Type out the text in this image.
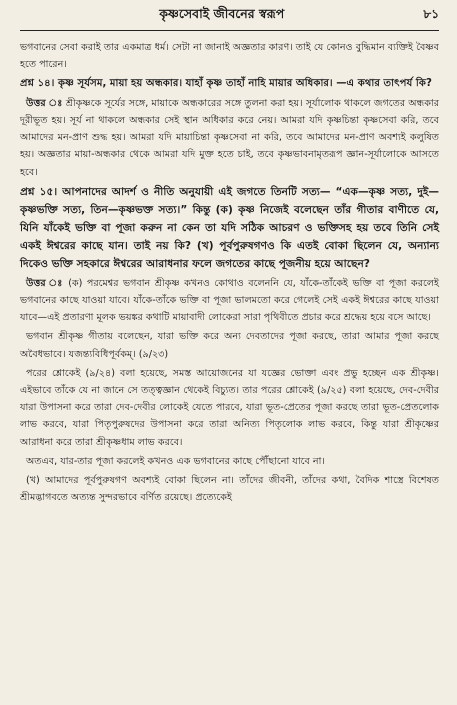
কৃষ্ণসেবাই জীবনের স্বরূপ	৮১

ভগবানের সেবা করাই তার একমাত্র ধর্ম। সেটা না জানাই অজ্ঞতার কারণ। তাই যে কোনও বুদ্ধিমান ব্যক্তিই বৈষ্ণব হতে পারেন।

প্রশ্ন ১৪। কৃষ্ণ সূর্যসম, মায়া হয় অন্ধকার। যাহাঁ কৃষ্ণ তাহাঁ নাহি মায়ার অধিকার। —এ কথার তাৎপর্য কি?

উত্তর ঃ শ্রীকৃষ্ণকে সূর্যের সঙ্গে, মায়াকে অন্ধকারের সঙ্গে তুলনা করা হয়। সূর্যালোক থাকলে জগতের অন্ধকার দূরীভূত হয়। সূর্য না থাকলে অন্ধকার সেই স্থান অধিকার করে নেয়। আমরা যদি কৃষ্ণচিন্তা কৃষ্ণসেবা করি, তবে আমাদের মন-প্রাণ শুদ্ধ হয়। আমরা যদি মায়াচিন্তা কৃষ্ণসেবা না করি, তবে আমাদের মন-প্রাণ অবশ্যই কলুষিত হয়। অজ্ঞতার মায়া-অন্ধকার থেকে আমরা যদি মুক্ত হতে চাই, তবে কৃষ্ণভাবনামৃতরূপ জ্ঞান-সূর্যালোকে আসতে হবে।

প্রশ্ন ১৫। আপনাদের আদর্শ ও নীতি অনুযায়ী এই জগতে তিনটি সত্য— “এক—কৃষ্ণ সত্য, দুই—কৃষ্ণভক্তি সত্য, তিন—কৃষ্ণভক্ত সত্য।” কিন্তু (ক) কৃষ্ণ নিজেই বলেছেন তাঁর গীতার বাণীতে যে, যিনি যাঁকেই ভক্তি বা পূজা করুন না কেন তা যদি সঠিক আচরণ ও ভক্তিসহ হয় তবে তিনি সেই একই ঈশ্বরের কাছে যান। তাই নয় কি? (খ) পূর্বপুরুষগণও কি এতই বোকা ছিলেন যে, অন্যান্য দিকেও ভক্তি সহকারে ঈশ্বরের আরাধনার ফলে জগতের কাছে পূজনীয় হয়ে আছেন?

উত্তর ঃ (ক) পরমেশ্বর ভগবান শ্রীকৃষ্ণ কখনও কোথাও বলেননি যে, যাঁকে-তাঁকেই ভক্তি বা পূজা করলেই ভগবানের কাছে যাওয়া যাবে। যাঁকে-তাঁকে ভক্তি বা পূজা ভালমতো করে গেলেই সেই একই ঈশ্বরের কাছে যাওয়া যাবে—এই প্রতারণা মূলক ভয়ঙ্কর কথাটি মায়াবাদী লোকেরা সারা পৃথিবীতে প্রচার করে শ্রদ্ধেয় হয়ে বসে আছে।

ভগবান শ্রীকৃষ্ণ গীতায় বলেছেন, যারা ভক্তি করে অন্য দেবতাদের পূজা করছে, তারা আমার পূজা করছে অবৈধভাবে। যজন্ত্যবিধিপূর্বকম্। (৯/২৩)

পরের শ্লোকেই (৯/২৪) বলা হয়েছে, সমস্ত আয়োজনের যা যজ্ঞের ভোক্তা এবং প্রভু হচ্ছেন এক শ্রীকৃষ্ণ। এইভাবে তাঁকে যে না জানে সে তত্ত্বজ্ঞান থেকেই বিচ্যুত। তার পরের শ্লোকেই (৯/২৫) বলা হয়েছে, দেব-দেবীর যারা উপাসনা করে তারা দেব-দেবীর লোকেই যেতে পারবে, যারা ভূত-প্রেতের পূজা করছে তারা ভূত-প্রেতলোক লাভ করবে, যারা পিতৃপুরুষদের উপাসনা করে তারা অনিত্য পিতৃলোক লাভ করবে, কিন্তু যারা শ্রীকৃষ্ণের আরাধনা করে তারা শ্রীকৃষ্ণধাম লাভ করবে।

অতএব, যার-তার পূজা করলেই কখনও এক ভগবানের কাছে পৌঁছানো যাবে না।

(খ) আমাদের পূর্বপুরুষগণ অবশ্যই বোকা ছিলেন না। তাঁদের জীবনী, তাঁদের কথা, বৈদিক শাস্ত্রে বিশেষত শ্রীমদ্ভাগবতে অত্যন্ত সুন্দরভাবে বর্ণিত রয়েছে। প্রত্যেকেই
